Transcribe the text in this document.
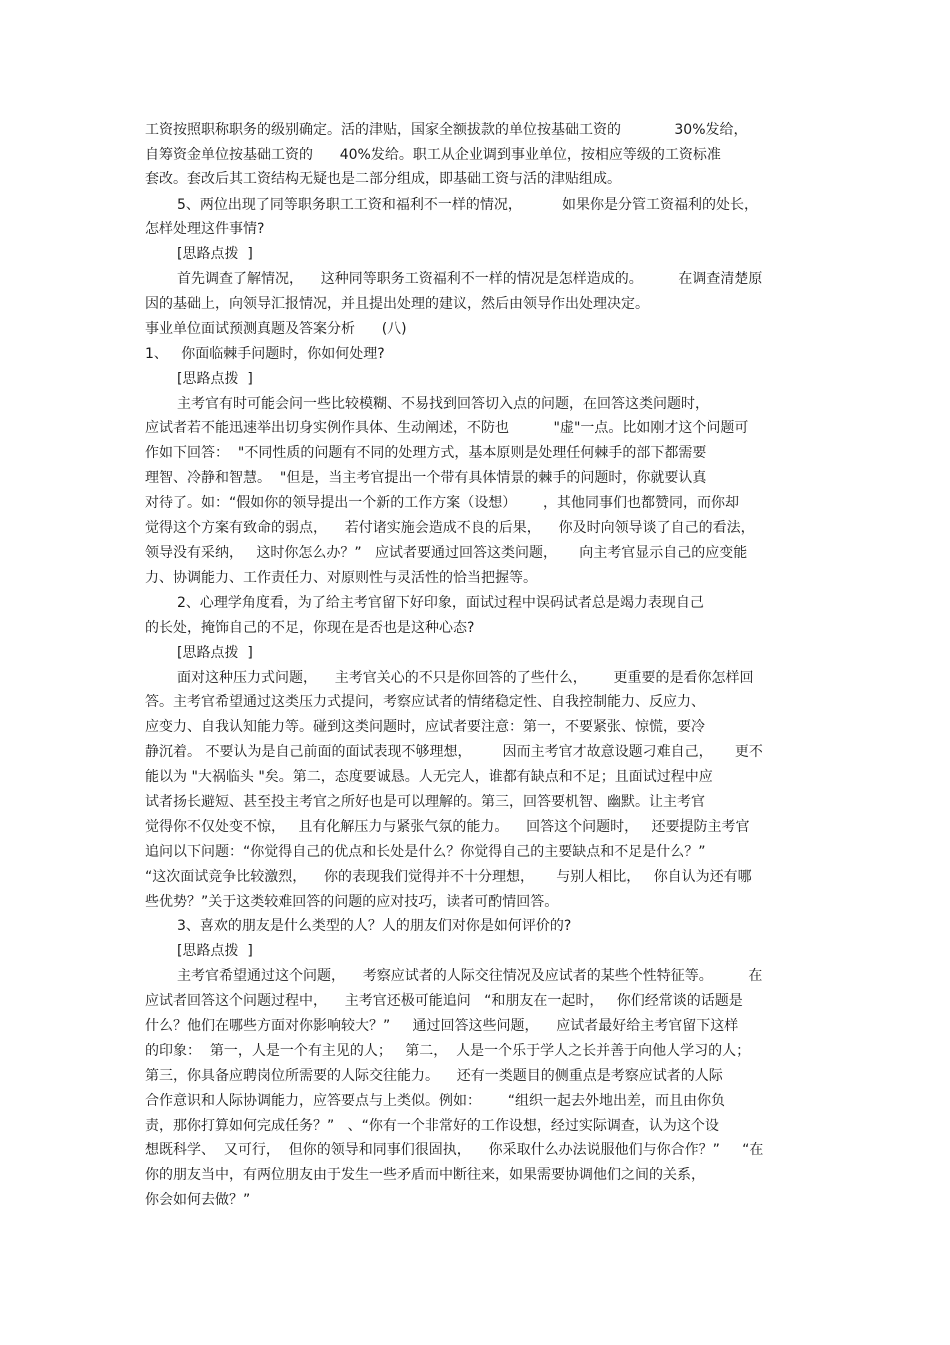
工资按照职称职务的级别确定。活的津贴，国家全额拔款的单位按基础工资的            30%发给，

自筹资金单位按基础工资的      40%发给。职工从企业调到事业单位，按相应等级的工资标准

套改。套改后其工资结构无疑也是二部分组成，即基础工资与活的津贴组成。

5、两位出现了同等职务职工工资和福利不一样的情况，         如果你是分管工资福利的处长，

怎样处理这件事情?

[思路点拨  ]

首先调查了解情况，    这种同等职务工资福利不一样的情况是怎样造成的。        在调查清楚原

因的基础上，向领导汇报情况，并且提出处理的建议，然后由领导作出处理决定。

事业单位面试预测真题及答案分析      (八)

1、   你面临棘手问题时，你如何处理?

[思路点拨  ]

主考官有时可能会问一些比较模糊、不易找到回答切入点的问题，在回答这类问题时，

应试者若不能迅速举出切身实例作具体、生动阐述，不防也          "虚"一点。比如刚才这个问题可

作如下回答：  "不同性质的问题有不同的处理方式，基本原则是处理任何棘手的部下都需要

理智、冷静和智慧。  "但是，当主考官提出一个带有具体情景的棘手的问题时，你就要认真

对待了。如：“假如你的领导提出一个新的工作方案（设想）      ，其他同事们也都赞同，而你却

觉得这个方案有致命的弱点，    若付诸实施会造成不良的后果，    你及时向领导谈了自己的看法，

领导没有采纳，   这时你怎么办？”   应试者要通过回答这类问题，     向主考官显示自己的应变能

力、协调能力、工作责任力、对原则性与灵活性的恰当把握等。

2、心理学角度看，为了给主考官留下好印象，面试过程中误码试者总是竭力表现自己

的长处，掩饰自己的不足，你现在是否也是这种心态?

[思路点拨  ]

面对这种压力式问题，    主考官关心的不只是你回答的了些什么，      更重要的是看你怎样回

答。主考官希望通过这类压力式提问，考察应试者的情绪稳定性、自我控制能力、反应力、

应变力、自我认知能力等。碰到这类问题时，应试者要注意：第一，不要紧张、惊慌，要冷

静沉着。 不要认为是自己前面的面试表现不够理想，       因而主考官才故意设题刁难自己，     更不

能以为 "大祸临头 "矣。第二，态度要诚恳。人无完人，谁都有缺点和不足；且面试过程中应

试者扬长避短、甚至投主考官之所好也是可以理解的。第三，回答要机智、幽默。让主考官

觉得你不仅处变不惊，   且有化解压力与紧张气氛的能力。    回答这个问题时，   还要提防主考官

追问以下问题：“你觉得自己的优点和长处是什么？你觉得自己的主要缺点和不足是什么？”

“这次面试竞争比较激烈，    你的表现我们觉得并不十分理想，     与别人相比，   你自认为还有哪

些优势？”关于这类较难回答的问题的应对技巧，读者可酌情回答。

3、喜欢的朋友是什么类型的人？人的朋友们对你是如何评价的?

[思路点拨  ]

主考官希望通过这个问题，    考察应试者的人际交往情况及应试者的某些个性特征等。        在

应试者回答这个问题过程中，    主考官还极可能追问   “和朋友在一起时，   你们经常谈的话题是

什么？他们在哪些方面对你影响较大？”     通过回答这些问题，    应试者最好给主考官留下这样

的印象：  第一，人是一个有主见的人；   第二，  人是一个乐于学人之长并善于向他人学习的人；

第三，你具备应聘岗位所需要的人际交往能力。    还有一类题目的侧重点是考察应试者的人际

合作意识和人际协调能力，应答要点与上类似。例如：      “组织一起去外地出差，而且由你负

责，那你打算如何完成任务？”   、“你有一个非常好的工作设想，经过实际调查，认为这个设

想既科学、  又可行，  但你的领导和同事们很固执，    你采取什么办法说服他们与你合作？”     “在

你的朋友当中，有两位朋友由于发生一些矛盾而中断往来，如果需要协调他们之间的关系，

你会如何去做？”
